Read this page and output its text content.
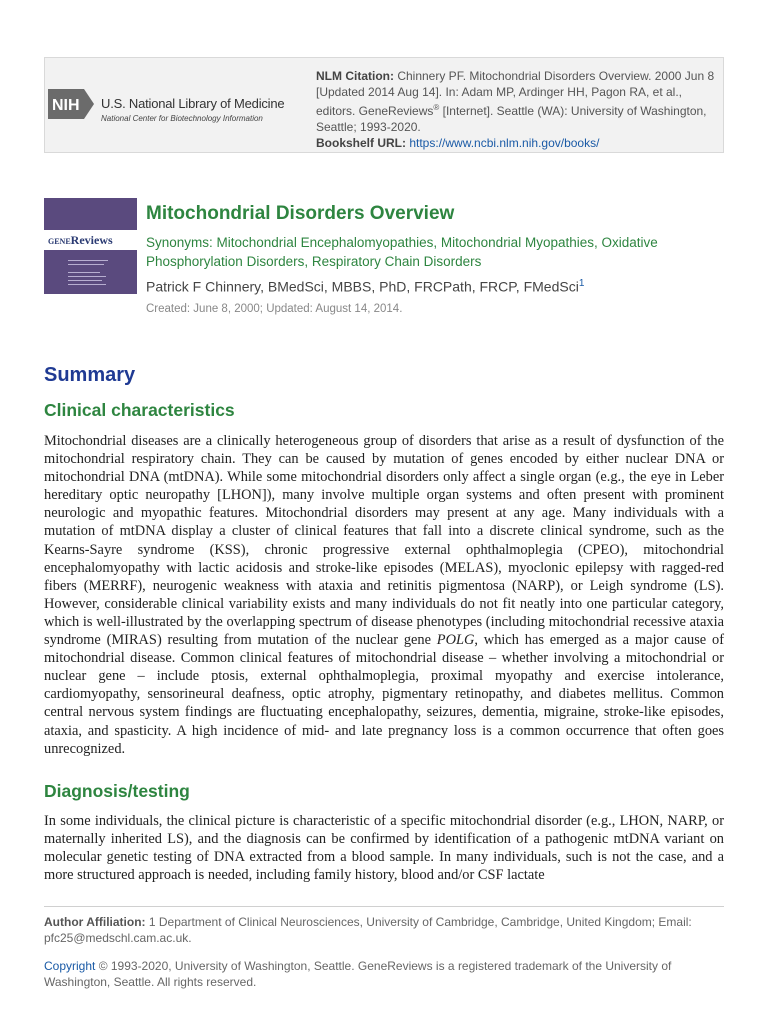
NIH U.S. National Library of Medicine
National Center for Biotechnology Information
NLM Citation: Chinnery PF. Mitochondrial Disorders Overview. 2000 Jun 8 [Updated 2014 Aug 14]. In: Adam MP, Ardinger HH, Pagon RA, et al., editors. GeneReviews® [Internet]. Seattle (WA): University of Washington, Seattle; 1993-2020.
Bookshelf URL: https://www.ncbi.nlm.nih.gov/books/
GENEReviews
Mitochondrial Disorders Overview
Synonyms: Mitochondrial Encephalomyopathies, Mitochondrial Myopathies, Oxidative Phosphorylation Disorders, Respiratory Chain Disorders
Patrick F Chinnery, BMedSci, MBBS, PhD, FRCPath, FRCP, FMedSci$^1$
Created: June 8, 2000; Updated: August 14, 2014.
Summary
Clinical characteristics
Mitochondrial diseases are a clinically heterogeneous group of disorders that arise as a result of dysfunction of the mitochondrial respiratory chain. They can be caused by mutation of genes encoded by either nuclear DNA or mitochondrial DNA (mtDNA). While some mitochondrial disorders only affect a single organ (e.g., the eye in Leber hereditary optic neuropathy [LHON]), many involve multiple organ systems and often present with prominent neurologic and myopathic features. Mitochondrial disorders may present at any age. Many individuals with a mutation of mtDNA display a cluster of clinical features that fall into a discrete clinical syndrome, such as the Kearns-Sayre syndrome (KSS), chronic progressive external ophthalmoplegia (CPEO), mitochondrial encephalomyopathy with lactic acidosis and stroke-like episodes (MELAS), myoclonic epilepsy with ragged-red fibers (MERRF), neurogenic weakness with ataxia and retinitis pigmentosa (NARP), or Leigh syndrome (LS). However, considerable clinical variability exists and many individuals do not fit neatly into one particular category, which is well-illustrated by the overlapping spectrum of disease phenotypes (including mitochondrial recessive ataxia syndrome (MIRAS) resulting from mutation of the nuclear gene POLG, which has emerged as a major cause of mitochondrial disease. Common clinical features of mitochondrial disease – whether involving a mitochondrial or nuclear gene – include ptosis, external ophthalmoplegia, proximal myopathy and exercise intolerance, cardiomyopathy, sensorineural deafness, optic atrophy, pigmentary retinopathy, and diabetes mellitus. Common central nervous system findings are fluctuating encephalopathy, seizures, dementia, migraine, stroke-like episodes, ataxia, and spasticity. A high incidence of mid- and late pregnancy loss is a common occurrence that often goes unrecognized.
Diagnosis/testing
In some individuals, the clinical picture is characteristic of a specific mitochondrial disorder (e.g., LHON, NARP, or maternally inherited LS), and the diagnosis can be confirmed by identification of a pathogenic mtDNA variant on molecular genetic testing of DNA extracted from a blood sample. In many individuals, such is not the case, and a more structured approach is needed, including family history, blood and/or CSF lactate
Author Affiliation: 1 Department of Clinical Neurosciences, University of Cambridge, Cambridge, United Kingdom; Email: pfc25@medschl.cam.ac.uk.
Copyright © 1993-2020, University of Washington, Seattle. GeneReviews is a registered trademark of the University of Washington, Seattle. All rights reserved.
